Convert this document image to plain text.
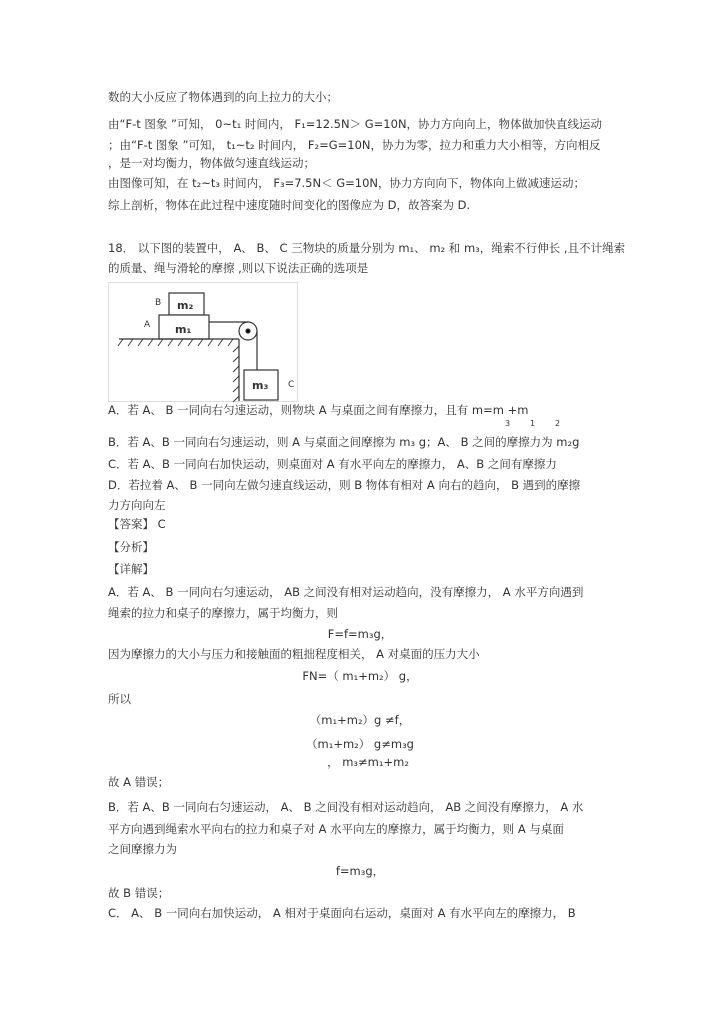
数的大小反应了物体遇到的向上拉力的大小；
由“F-t 图象 ”可知， 0~t₁ 时间内， F₁=12.5N＞ G=10N，协力方向向上，物体做加快直线运动
；由“F-t 图象 ”可知， t₁~t₂ 时间内， F₂=G=10N，协力为零，拉力和重力大小相等，方向相反
，是一对均衡力，物体做匀速直线运动；
由图像可知，在 t₂~t₃ 时间内， F₃=7.5N＜ G=10N，协力方向向下，物体向上做减速运动；
综上剖析，物体在此过程中速度随时间变化的图像应为 D，故答案为 D.
18． 以下图的装置中， A、 B、 C 三物块的质量分别为 m₁、 m₂ 和 m₃，绳索不行伸长 ,且不计绳索
的质量、绳与滑轮的摩擦 ,则以下说法正确的选项是
B
A
C
m₂
m₁
m₃
A．若 A、 B 一同向右匀速运动，则物块 A 与桌面之间有摩擦力，且有 m=m +m
3 1 2
B．若 A、B 一同向右匀速运动，则 A 与桌面之间摩擦为 m₃ g；A、 B 之间的摩擦力为 m₂g
C．若 A、B 一同向右加快运动，则桌面对 A 有水平向左的摩擦力， A、B 之间有摩擦力
D．若拉着 A、 B 一同向左做匀速直线运动，则 B 物体有相对 A 向右的趋向， B 遇到的摩擦
力方向向左
【答案】 C
【分析】
【详解】
A．若 A、 B 一同向右匀速运动， AB 之间没有相对运动趋向，没有摩擦力， A 水平方向遇到
绳索的拉力和桌子的摩擦力，属于均衡力，则
F=f=m₃g，
因为摩擦力的大小与压力和接触面的粗拙程度相关， A 对桌面的压力大小
FN=（ m₁+m₂） g，
所以
（m₁+m₂）g ≠f，
（m₁+m₂） g≠m₃g
， m₃≠m₁+m₂
故 A 错误；
B．若 A、B 一同向右匀速运动， A、 B 之间没有相对运动趋向， AB 之间没有摩擦力， A 水
平方向遇到绳索水平向右的拉力和桌子对 A 水平向左的摩擦力，属于均衡力，则 A 与桌面
之间摩擦力为
f=m₃g，
故 B 错误；
C． A、 B 一同向右加快运动， A 相对于桌面向右运动，桌面对 A 有水平向左的摩擦力， B
